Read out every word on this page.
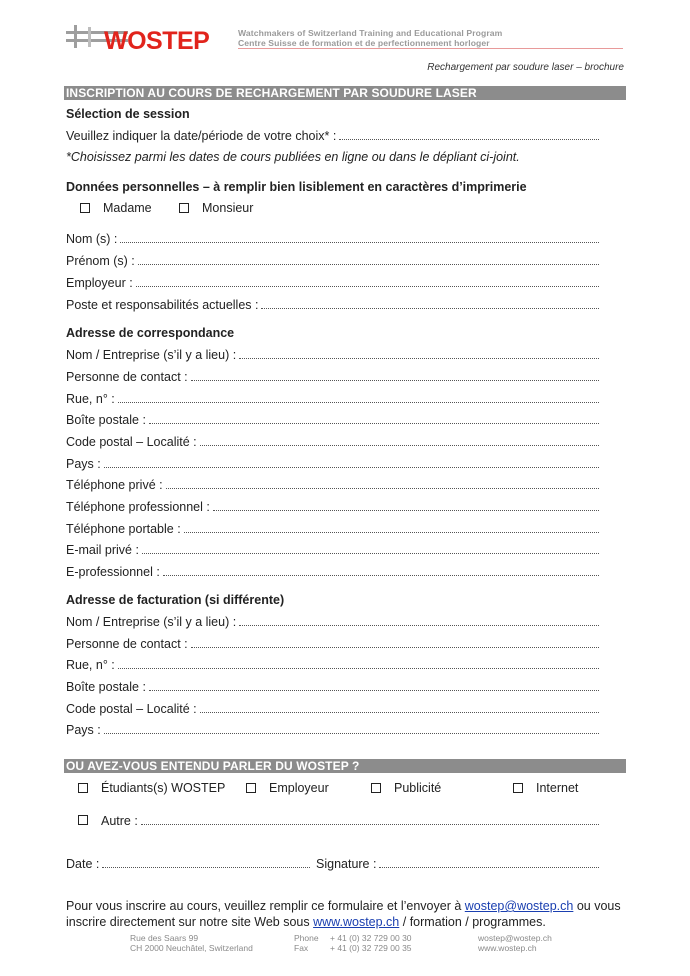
WOSTEP	Watchmakers of Switzerland Training and Educational Program
Centre Suisse de formation et de perfectionnement horloger
Rechargement par soudure laser – brochure
INSCRIPTION AU COURS DE RECHARGEMENT PAR SOUDURE LASER
Sélection de session
Veuillez indiquer la date/période de votre choix* :
*Choisissez parmi les dates de cours publiées en ligne ou dans le dépliant ci-joint.
Données personnelles – à remplir bien lisiblement en caractères d’imprimerie
Madame	Monsieur
Nom (s) :
Prénom (s) :
Employeur :
Poste et responsabilités actuelles :
Adresse de correspondance
Nom / Entreprise (s’il y a lieu) :
Personne de contact :
Rue, n° :
Boîte postale :
Code postal – Localité :
Pays :
Téléphone privé :
Téléphone professionnel :
Téléphone portable :
E-mail privé :
E-professionnel :
Adresse de facturation (si différente)
Nom / Entreprise (s’il y a lieu) :
Personne de contact :
Rue, n° :
Boîte postale :
Code postal – Localité :
Pays :
OU AVEZ-VOUS ENTENDU PARLER DU WOSTEP ?
Étudiants(s) WOSTEP	Employeur	Publicité	Internet
Autre :
Date :	Signature :
Pour vous inscrire au cours, veuillez remplir ce formulaire et l’envoyer à wostep@wostep.ch ou vous inscrire directement sur notre site Web sous www.wostep.ch / formation / programmes.
Rue des Saars 99
CH 2000 Neuchâtel, Switzerland
Phone
Fax
+ 41 (0) 32 729 00 30
+ 41 (0) 32 729 00 35
wostep@wostep.ch
www.wostep.ch
